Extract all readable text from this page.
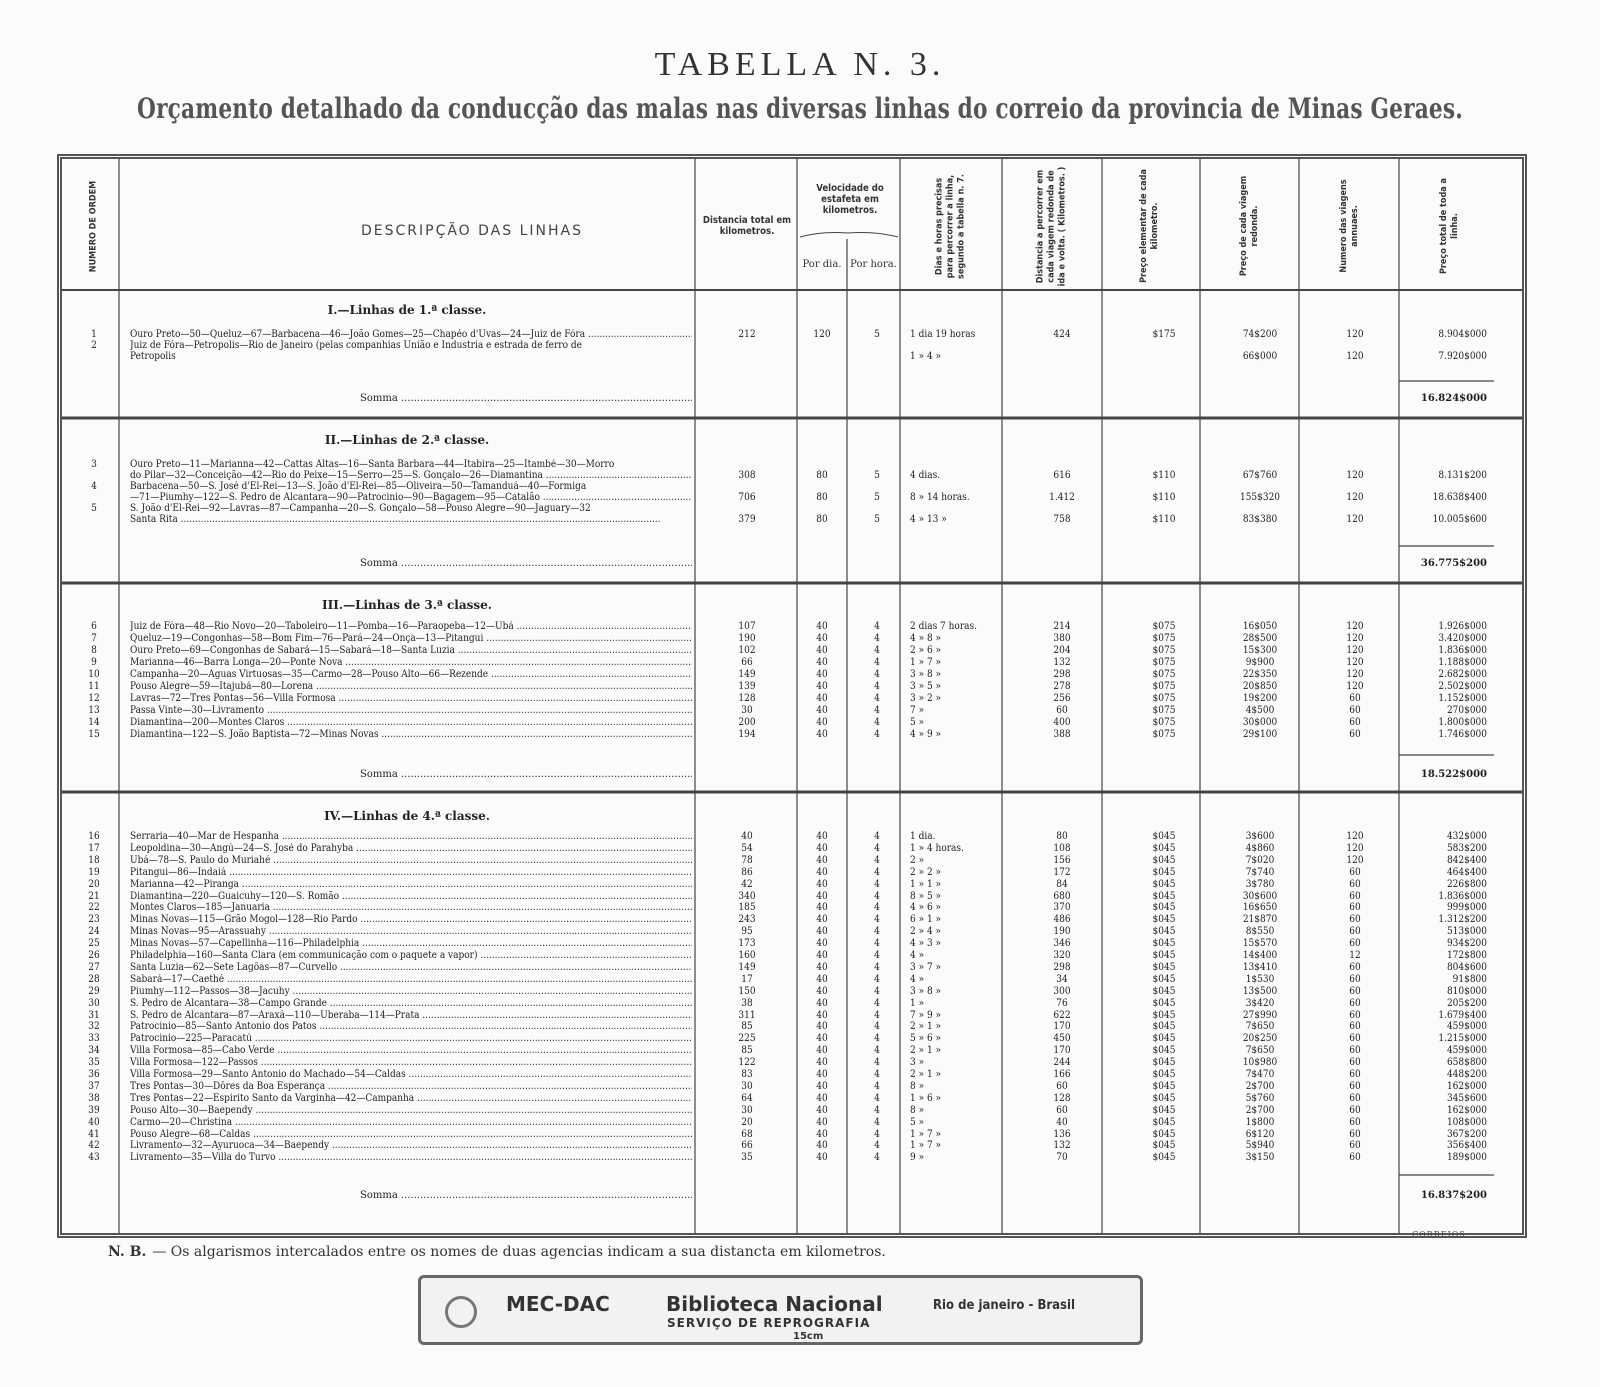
TABELLA N. 3.
Orçamento detalhado da conducção das malas nas diversas linhas do correio da provincia de Minas Geraes.
NUMERO DE ORDEM	DESCRIPÇÃO DAS LINHAS
Distancia total em kilometros.
Velocidade do estafeta em kilometros.
Por dia. Por hora.	Dias e horas precisas para percorrer a linha, segundo a tabella n. 7.	Distancia a percorrer em cada viagem redonda de ida e volta. ( Kilometros. )	Preço elementar de cada kilometro.	Preço de cada viagem redonda.	Numero das viagens annuaes.	Preço total de toda a linha.
I.—Linhas de 1.ª classe.
1	Ouro Preto—50—Queluz—67—Barbacena—46—João Gomes—25—Chapéo d'Uvas—24—Juiz de Fóra .....	212	120	5	1 dia 19 horas	424	$175	74$200	120	8.904$000
2	Juiz de Fóra—Petropolis—Rio de Janeiro (pelas companhias União e Industria e estrada de ferro de
Petropolis	1 » 4 »	66$000	120	7.920$000
Somma .....	16.824$000
II.—Linhas de 2.ª classe.
3	Ouro Preto—11—Marianna—42—Cattas Altas—16—Santa Barbara—44—Itabira—25—Itambé—30—Morro
do Pilar—32—Conceição—42—Rio do Peixe—15—Serro—25—S. Gonçalo—26—Diamantina .....	308	80	5	4 dias.	616	$110	67$760	120	8.131$200
4	Barbacena—50—S. José d'El-Rei—13—S. João d'El-Rei—85—Oliveira—50—Tamanduá—40—Formiga
—71—Piumhy—122—S. Pedro de Alcantara—90—Patrocinio—90—Bagagem—95—Catalão .....	706	80	5	8 » 14 horas.	1.412	$110	155$320	120	18.638$400
5	S. João d'El-Rei—92—Lavras—87—Campanha—20—S. Gonçalo—58—Pouso Alegre—90—Jaguary—32
Santa Rita .....	379	80	5	4 » 13 »	758	$110	83$380	120	10.005$600
Somma .....	36.775$200
III.—Linhas de 3.ª classe.
6	Juiz de Fóra—48—Rio Novo—20—Taboleiro—11—Pomba—16—Paraopeba—12—Ubá .....	107	40	4	2 dias 7 horas.	214	$075	16$050	120	1.926$000
7	Queluz—19—Congonhas—58—Bom Fim—76—Pará—24—Onça—13—Pitangui .....	190	40	4	4 » 8 »	380	$075	28$500	120	3.420$000
8	Ouro Preto—69—Congonhas de Sabará—15—Sabará—18—Santa Luzia .....	102	40	4	2 » 6 »	204	$075	15$300	120	1.836$000
9	Marianna—46—Barra Longa—20—Ponte Nova .....	66	40	4	1 » 7 »	132	$075	9$900	120	1.188$000
10	Campanha—20—Aguas Virtuosas—35—Carmo—28—Pouso Alto—66—Rezende .....	149	40	4	3 » 8 »	298	$075	22$350	120	2.682$000
11	Pouso Alegre—59—Itajubá—80—Lorena .....	139	40	4	3 » 5 »	278	$075	20$850	120	2.502$000
12	Lavras—72—Tres Pontas—56—Villa Formosa .....	128	40	4	3 » 2 »	256	$075	19$200	60	1.152$000
13	Passa Vinte—30—Livramento .....	30	40	4	7 »	60	$075	4$500	60	270$000
14	Diamantina—200—Montes Claros .....	200	40	4	5 »	400	$075	30$000	60	1.800$000
15	Diamantina—122—S. João Baptista—72—Minas Novas .....	194	40	4	4 » 9 »	388	$075	29$100	60	1.746$000
Somma .....	18.522$000
IV.—Linhas de 4.ª classe.
16	Serraria—40—Mar de Hespanha .....	40	40	4	1 dia.	80	$045	3$600	120	432$000
17	Leopoldina—30—Angú—24—S. José do Parahyba .....	54	40	4	1 » 4 horas.	108	$045	4$860	120	583$200
18	Ubá—78—S. Paulo do Muriahé .....	78	40	4	2 »	156	$045	7$020	120	842$400
19	Pitangui—86—Indaiá .....	86	40	4	2 » 2 »	172	$045	7$740	60	464$400
20	Marianna—42—Piranga .....	42	40	4	1 » 1 »	84	$045	3$780	60	226$800
21	Diamantina—220—Guaicuhy—120—S. Romão .....	340	40	4	8 » 5 »	680	$045	30$600	60	1.836$000
22	Montes Claros—185—Januaria .....	185	40	4	4 » 6 »	370	$045	16$650	60	999$000
23	Minas Novas—115—Grão Mogol—128—Rio Pardo .....	243	40	4	6 » 1 »	486	$045	21$870	60	1.312$200
24	Minas Novas—95—Arassuahy .....	95	40	4	2 » 4 »	190	$045	8$550	60	513$000
25	Minas Novas—57—Capellinha—116—Philadelphia .....	173	40	4	4 » 3 »	346	$045	15$570	60	934$200
26	Philadelphia—160—Santa Clara (em communicação com o paquete a vapor) .....	160	40	4	4 »	320	$045	14$400	12	172$800
27	Santa Luzia—62—Sete Lagôas—87—Curvello .....	149	40	4	3 » 7 »	298	$045	13$410	60	804$600
28	Sabará—17—Caethé .....	17	40	4	4 »	34	$045	1$530	60	91$800
29	Piumhy—112—Passos—38—Jacuhy .....	150	40	4	3 » 8 »	300	$045	13$500	60	810$000
30	S. Pedro de Alcantara—38—Campo Grande .....	38	40	4	1 »	76	$045	3$420	60	205$200
31	S. Pedro de Alcantara—87—Araxá—110—Uberaba—114—Prata .....	311	40	4	7 » 9 »	622	$045	27$990	60	1.679$400
32	Patrocinio—85—Santo Antonio dos Patos .....	85	40	4	2 » 1 »	170	$045	7$650	60	459$000
33	Patrocinio—225—Paracatú .....	225	40	4	5 » 6 »	450	$045	20$250	60	1.215$000
34	Villa Formosa—85—Cabo Verde .....	85	40	4	2 » 1 »	170	$045	7$650	60	459$000
35	Villa Formosa—122—Passos .....	122	40	4	3 »	244	$045	10$980	60	658$800
36	Villa Formosa—29—Santo Antonio do Machado—54—Caldas .....	83	40	4	2 » 1 »	166	$045	7$470	60	448$200
37	Tres Pontas—30—Dôres da Boa Esperança .....	30	40	4	8 »	60	$045	2$700	60	162$000
38	Tres Pontas—22—Espirito Santo da Varginha—42—Campanha .....	64	40	4	1 » 6 »	128	$045	5$760	60	345$600
39	Pouso Alto—30—Baependy .....	30	40	4	8 »	60	$045	2$700	60	162$000
40	Carmo—20—Christina .....	20	40	4	5 »	40	$045	1$800	60	108$000
41	Pouso Alegre—68—Caldas .....	68	40	4	1 » 7 »	136	$045	6$120	60	367$200
42	Livramento—32—Ayuruoca—34—Baependy .....	66	40	4	1 » 7 »	132	$045	5$940	60	356$400
43	Livramento—35—Villa do Turvo .....	35	40	4	9 »	70	$045	3$150	60	189$000
Somma .....	16.837$200
CORREIOS.
N. B. — Os algarismos intercalados entre os nomes de duas agencias indicam a sua distancta em kilometros.
MEC-DAC	Biblioteca Nacional	Rio de janeiro - Brasil
SERVIÇO DE REPROGRAFIA
15cm
